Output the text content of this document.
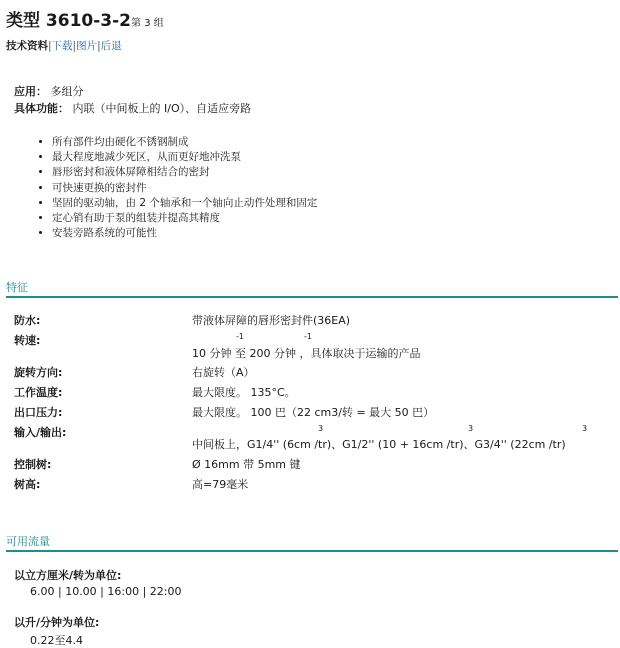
类型 3610-3-2第 3 组
技术资料|下载|图片|后退
应用： 多组分
具体功能： 内联（中间板上的 I/O）、自适应旁路
• 所有部件均由硬化不锈钢制成
• 最大程度地减少死区，从而更好地冲洗泵
• 唇形密封和液体屏障相结合的密封
• 可快速更换的密封件
• 坚固的驱动轴，由 2 个轴承和一个轴向止动件处理和固定
• 定心销有助于泵的组装并提高其精度
• 安装旁路系统的可能性
特征
防水:	带液体屏障的唇形密封件(36EA)
转速:	-1	-1
10 分钟 至 200 分钟 ，具体取决于运输的产品
旋转方向:	右旋转（A）
工作温度:	最大限度。 135°C。
出口压力:	最大限度。 100 巴（22 cm3/转 = 最大 50 巴）
输入/输出:	3	3	3
中间板上，G1/4'' (6cm /tr)、G1/2'' (10 + 16cm /tr)、G3/4'' (22cm /tr)
控制树:	Ø 16mm 带 5mm 键
树高:	高=79毫米
可用流量
以立方厘米/转为单位:
6.00 | 10.00 | 16:00 | 22:00
以升/分钟为单位:
0.22至4.4
